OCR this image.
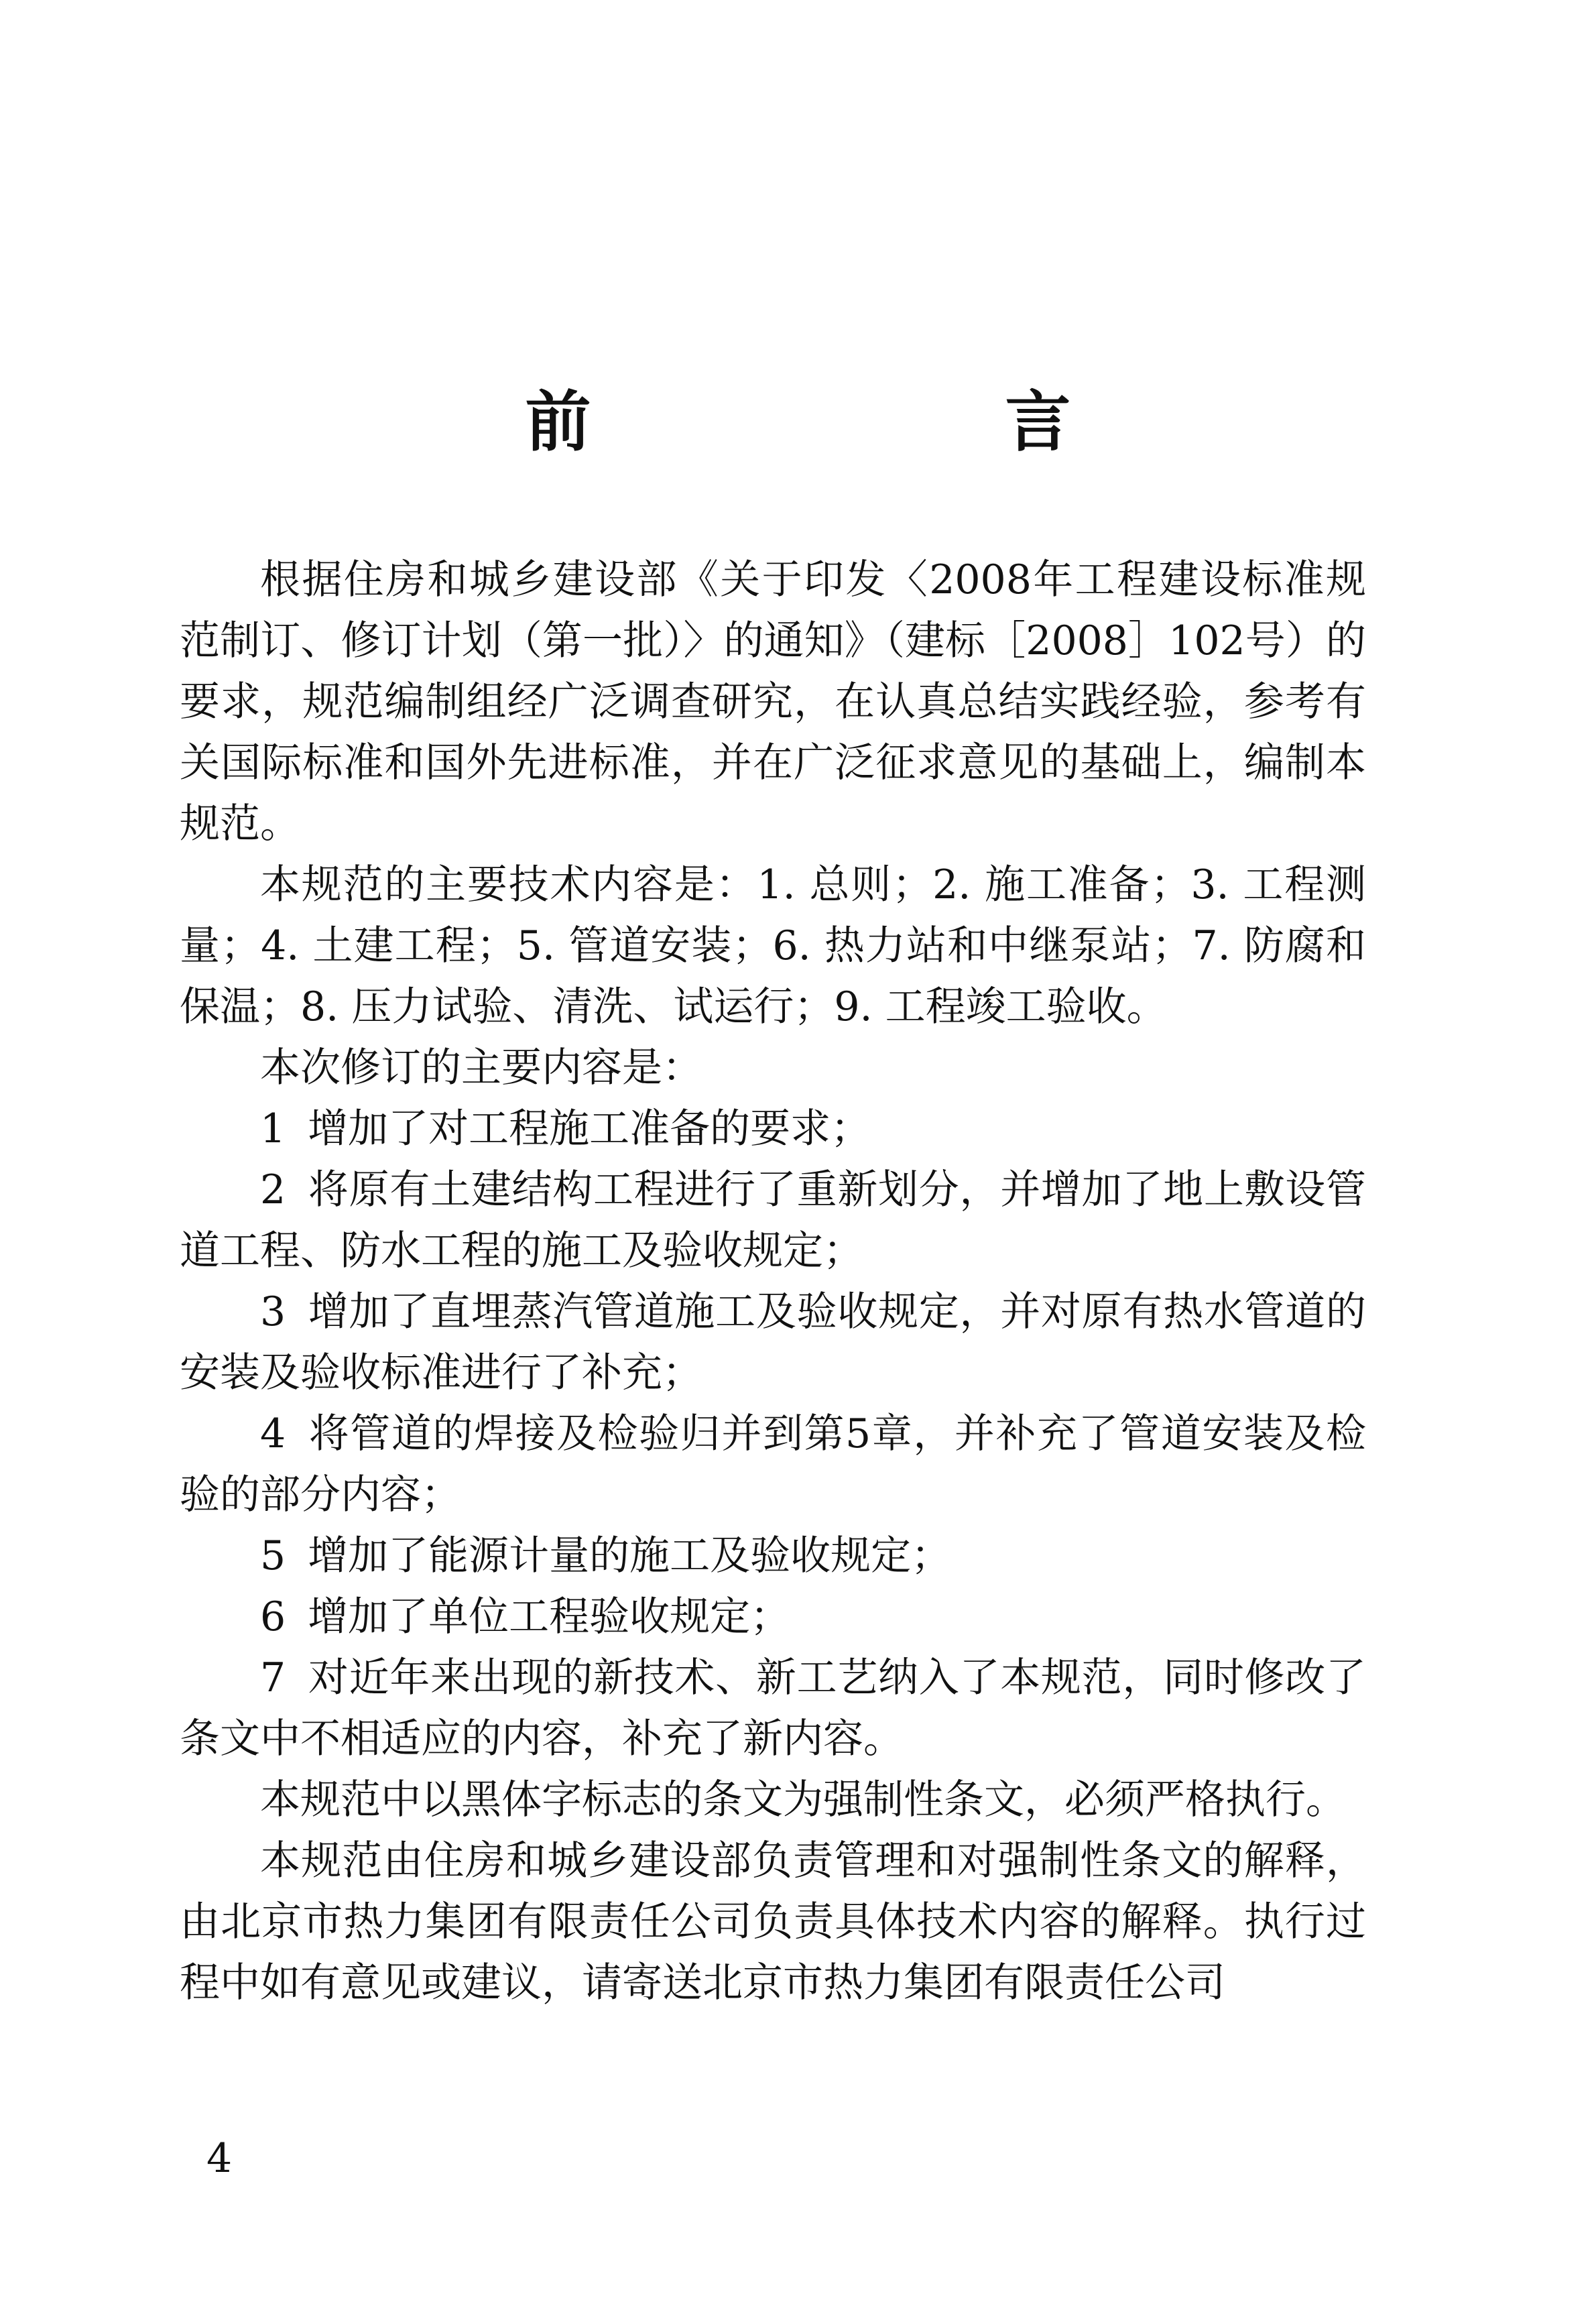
前　言

根据住房和城乡建设部《关于印发〈2008年工程建设标准规范制订、修订计划（第一批）〉的通知》（建标［2008］102号）的要求，规范编制组经广泛调查研究，在认真总结实践经验，参考有关国际标准和国外先进标准，并在广泛征求意见的基础上，编制本规范。

本规范的主要技术内容是：1. 总则；2. 施工准备；3. 工程测量；4. 土建工程；5. 管道安装；6. 热力站和中继泵站；7. 防腐和保温；8. 压力试验、清洗、试运行；9. 工程竣工验收。

本次修订的主要内容是：

1 增加了对工程施工准备的要求；

2 将原有土建结构工程进行了重新划分，并增加了地上敷设管道工程、防水工程的施工及验收规定；

3 增加了直埋蒸汽管道施工及验收规定，并对原有热水管道的安装及验收标准进行了补充；

4 将管道的焊接及检验归并到第5章，并补充了管道安装及检验的部分内容；

5 增加了能源计量的施工及验收规定；

6 增加了单位工程验收规定；

7 对近年来出现的新技术、新工艺纳入了本规范，同时修改了条文中不相适应的内容，补充了新内容。

本规范中以黑体字标志的条文为强制性条文，必须严格执行。

本规范由住房和城乡建设部负责管理和对强制性条文的解释，由北京市热力集团有限责任公司负责具体技术内容的解释。执行过程中如有意见或建议，请寄送北京市热力集团有限责任公司

4
